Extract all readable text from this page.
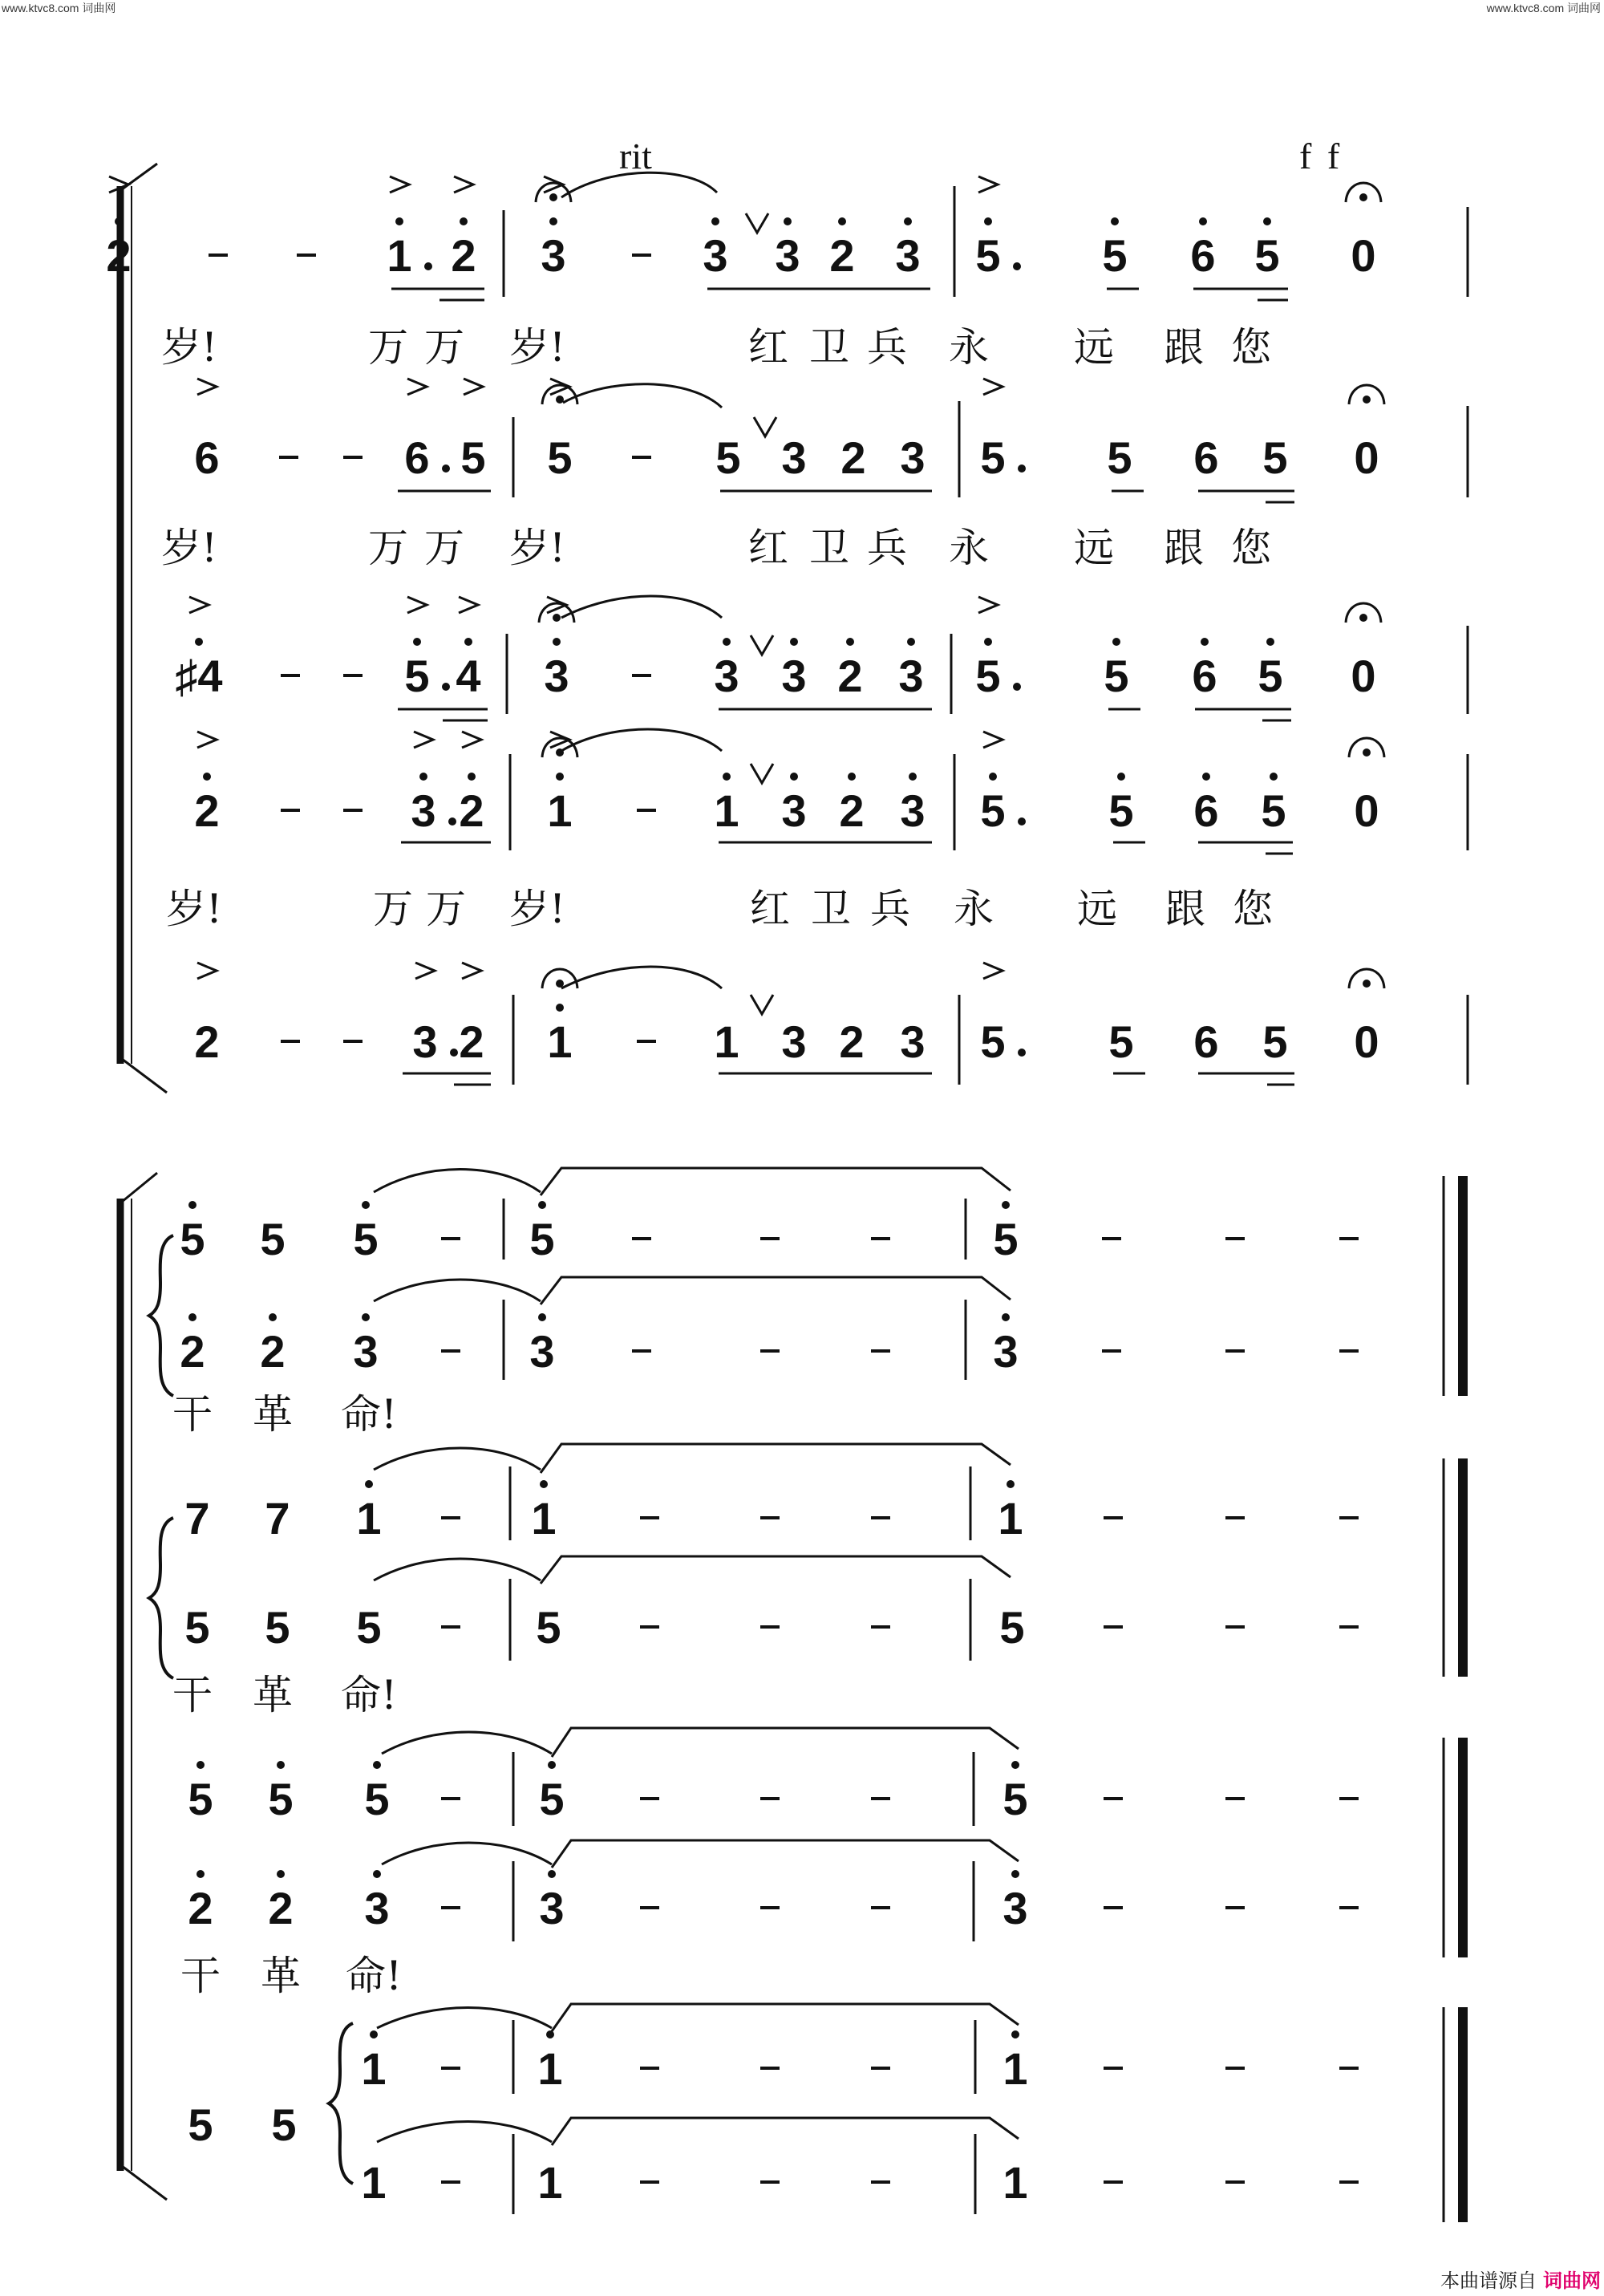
www.ktvc8.com 词曲网	www.ktvc8.com 词曲网
rit	f f
2	1 2 3	3 3 2 3 5 5 6 5 0
6	6 5 5	5 3 2 3 5 5 6 5 0
♯4	5 4 3	3 3 2 3 5 5 6 5 0
2	3 2 1	1 3 2 3 5 5 6 5 0
2	3 2 1	1 3 2 3 5 5 6 5 0
5 5 5	5	5
2 2 3	3	3
7 7 1	1	1
5 5 5	5	5
5 5 5	5	5
2 2 3	3	3
1	1	1
5 5
1	1	1
岁!	万 万 岁!	红 卫 兵 永 远 跟 您
岁!	万 万 岁!	红 卫 兵 永 远 跟 您
岁!	万 万 岁!	红 卫 兵 永 远 跟 您
干 革 命!
干 革 命!
干 革 命!
本曲谱源自 词曲网
